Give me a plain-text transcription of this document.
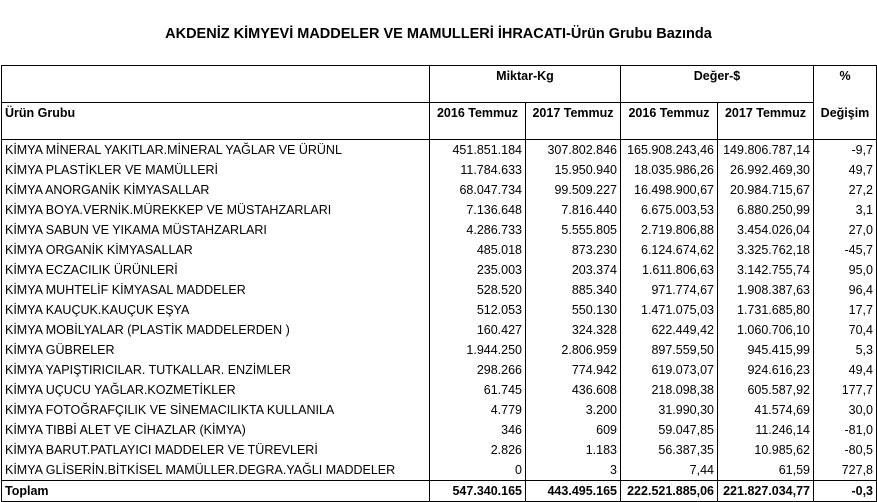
AKDENİZ KİMYEVİ MADDELER VE MAMULLERİ İHRACATI-Ürün Grubu Bazında
	Miktar-Kg		Değer-$		%
Ürün Grubu	2016 Temmuz	2017 Temmuz	2016 Temmuz	2017 Temmuz	Değişim
KİMYA MİNERAL YAKITLAR.MİNERAL YAĞLAR VE ÜRÜNL	451.851.184	307.802.846	165.908.243,46	149.806.787,14	-9,7
KİMYA PLASTİKLER VE MAMÜLLERİ	11.784.633	15.950.940	18.035.986,26	26.992.469,30	49,7
KİMYA ANORGANİK KİMYASALLAR	68.047.734	99.509.227	16.498.900,67	20.984.715,67	27,2
KİMYA BOYA.VERNİK.MÜREKKEP VE MÜSTAHZARLARI	7.136.648	7.816.440	6.675.003,53	6.880.250,99	3,1
KİMYA SABUN VE YIKAMA MÜSTAHZARLARI	4.286.733	5.555.805	2.719.806,88	3.454.026,04	27,0
KİMYA ORGANİK KİMYASALLAR	485.018	873.230	6.124.674,62	3.325.762,18	-45,7
KİMYA ECZACILIK ÜRÜNLERİ	235.003	203.374	1.611.806,63	3.142.755,74	95,0
KİMYA MUHTELİF KİMYASAL MADDELER	528.520	885.340	971.774,67	1.908.387,63	96,4
KİMYA KAUÇUK.KAUÇUK EŞYA	512.053	550.130	1.471.075,03	1.731.685,80	17,7
KİMYA MOBİLYALAR (PLASTİK MADDELERDEN )	160.427	324.328	622.449,42	1.060.706,10	70,4
KİMYA GÜBRELER	1.944.250	2.806.959	897.559,50	945.415,99	5,3
KİMYA YAPIŞTIRICILAR. TUTKALLAR. ENZİMLER	298.266	774.942	619.073,07	924.616,23	49,4
KİMYA UÇUCU YAĞLAR.KOZMETİKLER	61.745	436.608	218.098,38	605.587,92	177,7
KİMYA FOTOĞRAFÇILIK VE SİNEMACILIKTA KULLANILA	4.779	3.200	31.990,30	41.574,69	30,0
KİMYA TIBBİ ALET VE CİHAZLAR (KİMYA)	346	609	59.047,85	11.246,14	-81,0
KİMYA BARUT.PATLAYICI MADDELER VE TÜREVLERİ	2.826	1.183	56.387,35	10.985,62	-80,5
KİMYA GLİSERİN.BİTKİSEL MAMÜLLER.DEGRA.YAĞLI MADDELER	0	3	7,44	61,59	727,8
Toplam	547.340.165	443.495.165	222.521.885,06	221.827.034,77	-0,3
